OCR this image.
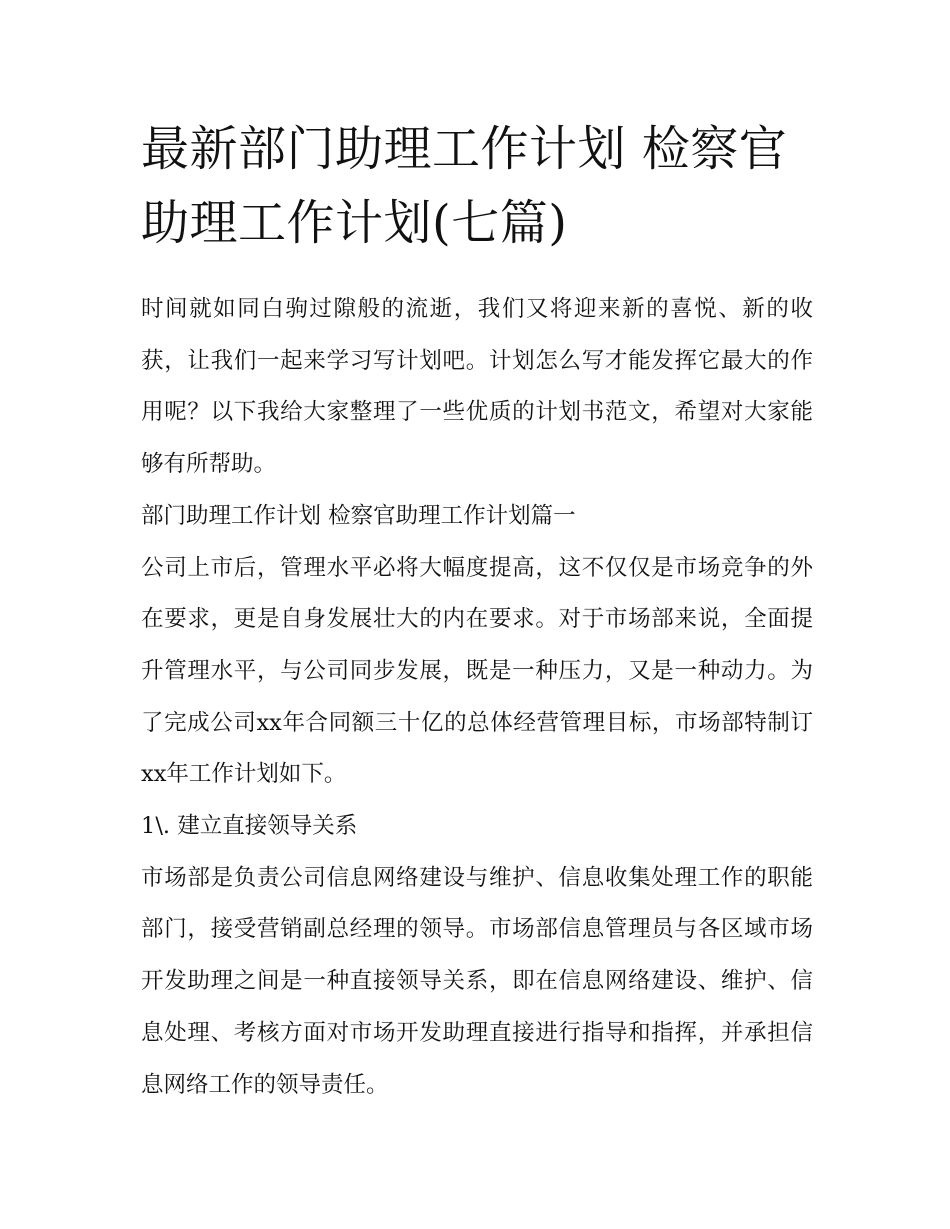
最新部门助理工作计划 检察官助理工作计划(七篇)

时间就如同白驹过隙般的流逝，我们又将迎来新的喜悦、新的收获，让我们一起来学习写计划吧。计划怎么写才能发挥它最大的作用呢？以下我给大家整理了一些优质的计划书范文，希望对大家能够有所帮助。

部门助理工作计划 检察官助理工作计划篇一

公司上市后，管理水平必将大幅度提高，这不仅仅是市场竞争的外在要求，更是自身发展壮大的内在要求。对于市场部来说，全面提升管理水平，与公司同步发展，既是一种压力，又是一种动力。为了完成公司xx年合同额三十亿的总体经营管理目标，市场部特制订xx年工作计划如下。

1\. 建立直接领导关系

市场部是负责公司信息网络建设与维护、信息收集处理工作的职能部门，接受营销副总经理的领导。市场部信息管理员与各区域市场开发助理之间是一种直接领导关系，即在信息网络建设、维护、信息处理、考核方面对市场开发助理直接进行指导和指挥，并承担信息网络工作的领导责任。
